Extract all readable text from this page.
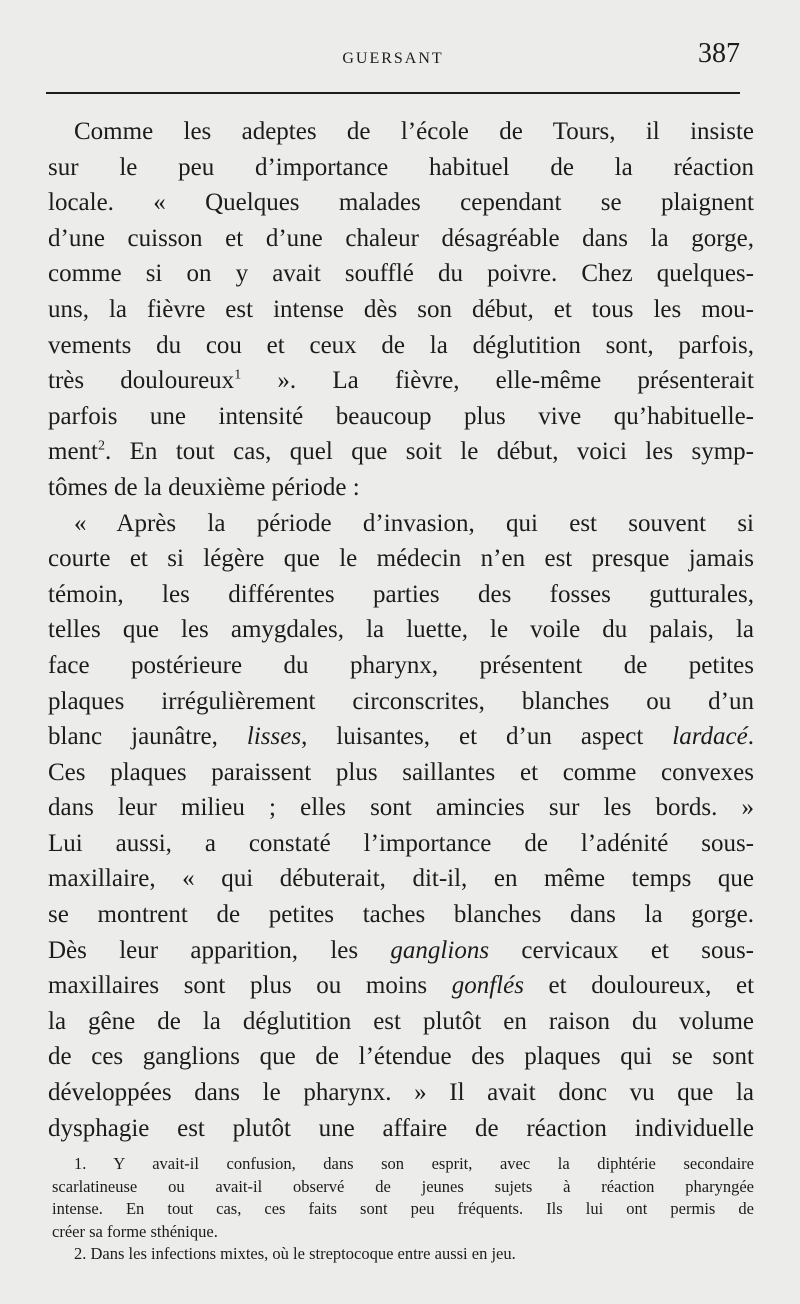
GUERSANT	387
Comme les adeptes de l’école de Tours, il insiste
sur le peu d’importance habituel de la réaction
locale. « Quelques malades cependant se plaignent
d’une cuisson et d’une chaleur désagréable dans la gorge,
comme si on y avait soufflé du poivre. Chez quelques-
uns, la fièvre est intense dès son début, et tous les mou-
vements du cou et ceux de la déglutition sont, parfois,
très douloureux$^1$ ». La fièvre, elle-même présenterait
parfois une intensité beaucoup plus vive qu’habituelle-
ment$^2$. En tout cas, quel que soit le début, voici les symp-
tômes de la deuxième période :
« Après la période d’invasion, qui est souvent si
courte et si légère que le médecin n’en est presque jamais
témoin, les différentes parties des fosses gutturales,
telles que les amygdales, la luette, le voile du palais, la
face postérieure du pharynx, présentent de petites
plaques irrégulièrement circonscrites, blanches ou d’un
blanc jaunâtre, lisses, luisantes, et d’un aspect lardacé.
Ces plaques paraissent plus saillantes et comme convexes
dans leur milieu ; elles sont amincies sur les bords. »
Lui aussi, a constaté l’importance de l’adénité sous-
maxillaire, « qui débuterait, dit-il, en même temps que
se montrent de petites taches blanches dans la gorge.
Dès leur apparition, les ganglions cervicaux et sous-
maxillaires sont plus ou moins gonflés et douloureux, et
la gêne de la déglutition est plutôt en raison du volume
de ces ganglions que de l’étendue des plaques qui se sont
développées dans le pharynx. » Il avait donc vu que la
dysphagie est plutôt une affaire de réaction individuelle
1. Y avait-il confusion, dans son esprit, avec la diphtérie secondaire
scarlatineuse ou avait-il observé de jeunes sujets à réaction pharyngée
intense. En tout cas, ces faits sont peu fréquents. Ils lui ont permis de
créer sa forme sthénique.
2. Dans les infections mixtes, où le streptocoque entre aussi en jeu.
